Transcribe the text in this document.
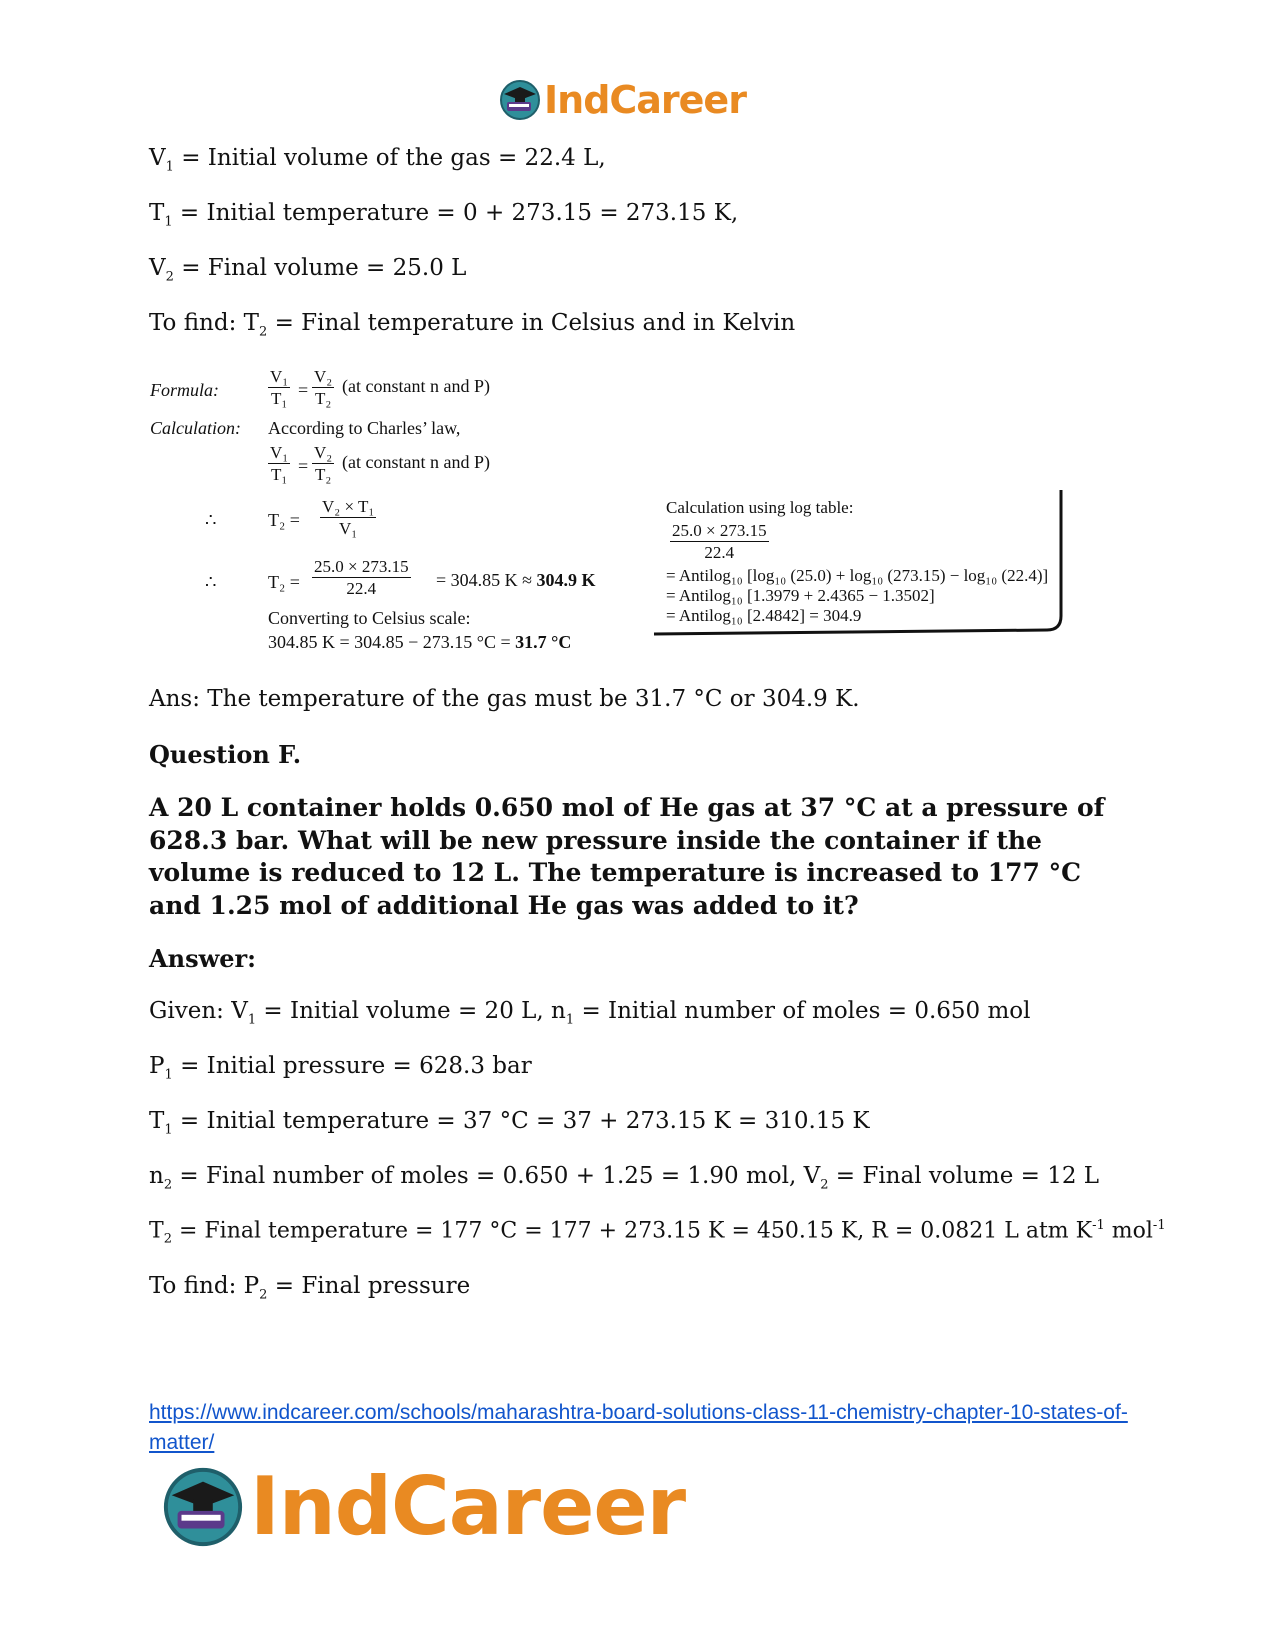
IndCareer
$V_1$ = Initial volume of the gas = 22.4 L,
$T_1$ = Initial temperature = 0 + 273.15 = 273.15 K,
$V_2$ = Final volume = 25.0 L
To find: $T_2$ = Final temperature in Celsius and in Kelvin
Formula:	$\frac{\text{V₁}}{\text{T₁}} = \frac{\text{V₂}}{\text{T₂}} (at$ constant n and P)
Calculation: According to Charles’ law,
$\frac{\text{V₁}}{\text{T₁}} = \frac{\text{V₂}}{\text{T₂}} (at$ constant n and P)
∴	$T_2 = \frac{\text{V₂ × T₁}}{\text{V₁}}$
∴	$T_2 = \frac{25.0 \times 273.15}{22.4} = 304.85$ K ≈ 304.9 K
Converting to Celsius scale:
304.85 K = 304.85 − 273.15 °C = 31.7 °C
Calculation using log table:
$\frac{25.0 \times 273.15}{22.4}$
= Antilog₁₀ [log₁₀ (25.0) + log₁₀ (273.15) − log₁₀ (22.4)]
= Antilog₁₀ [1.3979 + 2.4365 − 1.3502]
= Antilog₁₀ [2.4842] = 304.9
Ans: The temperature of the gas must be 31.7 °C or 304.9 K.
Question F.
A 20 L container holds 0.650 mol of He gas at 37 °C at a pressure of 628.3 bar. What will be new pressure inside the container if the volume is reduced to 12 L. The temperature is increased to 177 °C and 1.25 mol of additional He gas was added to it?
Answer:
Given: $V_1$ = Initial volume = 20 L, $n_1$ = Initial number of moles = 0.650 mol
$P_1$ = Initial pressure = 628.3 bar
$T_1$ = Initial temperature = 37 °C = 37 + 273.15 K = 310.15 K
$n_2$ = Final number of moles = 0.650 + 1.25 = 1.90 mol, $V_2$ = Final volume = 12 L
$T_2$ = Final temperature = 177 °C = 177 + 273.15 K = 450.15 K, R = 0.0821 L atm $K^{-1}$ mol$^{-1}$
To find: $P_2$ = Final pressure
https://www.indcareer.com/schools/maharashtra-board-solutions-class-11-chemistry-chapter-10-states-of-matter/
IndCareer
